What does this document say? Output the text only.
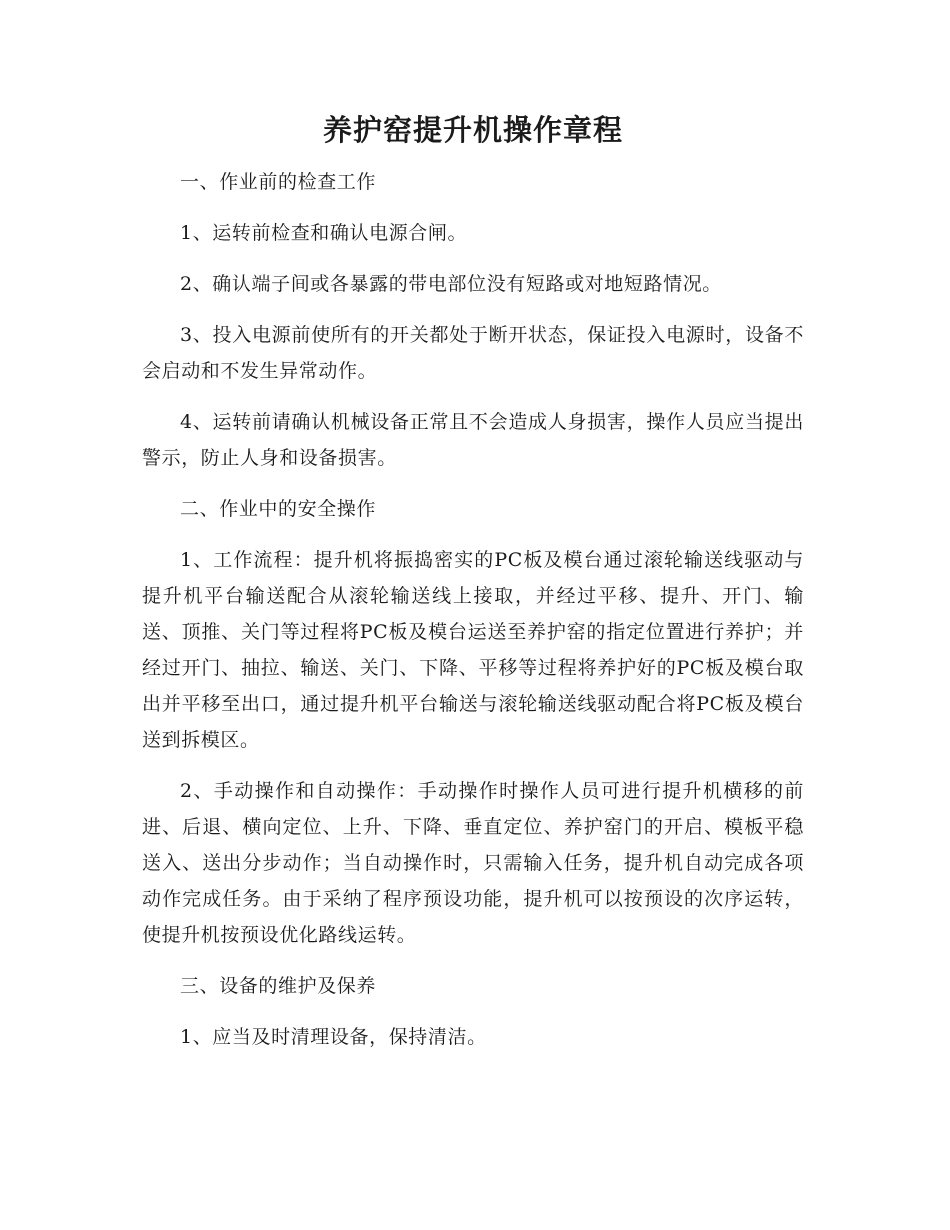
养护窑提升机操作章程

一、作业前的检查工作

1、运转前检查和确认电源合闸。

2、确认端子间或各暴露的带电部位没有短路或对地短路情况。

3、投入电源前使所有的开关都处于断开状态，保证投入电源时，设备不会启动和不发生异常动作。

4、运转前请确认机械设备正常且不会造成人身损害，操作人员应当提出警示，防止人身和设备损害。

二、作业中的安全操作

1、工作流程：提升机将振捣密实的PC板及模台通过滚轮输送线驱动与提升机平台输送配合从滚轮输送线上接取，并经过平移、提升、开门、输送、顶推、关门等过程将PC板及模台运送至养护窑的指定位置进行养护；并经过开门、抽拉、输送、关门、下降、平移等过程将养护好的PC板及模台取出并平移至出口，通过提升机平台输送与滚轮输送线驱动配合将PC板及模台送到拆模区。

2、手动操作和自动操作：手动操作时操作人员可进行提升机横移的前进、后退、横向定位、上升、下降、垂直定位、养护窑门的开启、模板平稳送入、送出分步动作；当自动操作时，只需输入任务，提升机自动完成各项动作完成任务。由于采纳了程序预设功能，提升机可以按预设的次序运转，使提升机按预设优化路线运转。

三、设备的维护及保养

1、应当及时清理设备，保持清洁。
